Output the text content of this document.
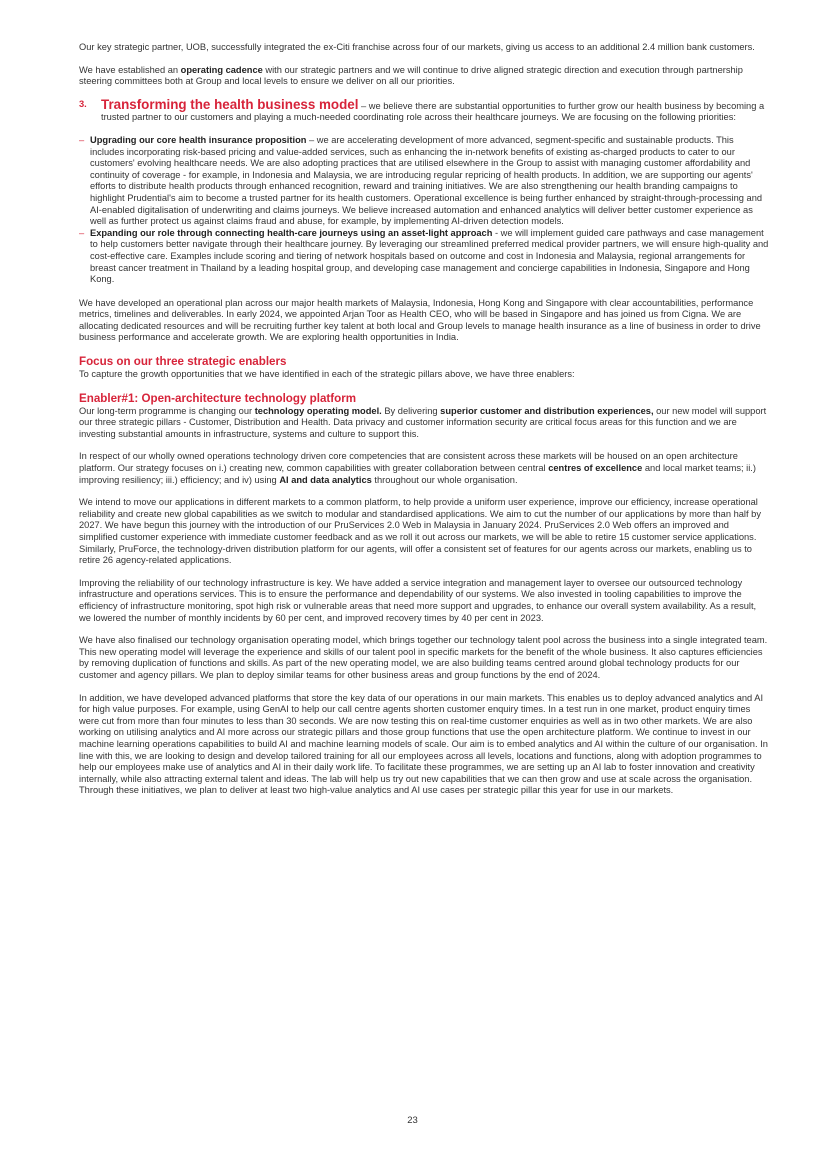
Our key strategic partner, UOB, successfully integrated the ex-Citi franchise across four of our markets, giving us access to an additional 2.4 million bank customers.

We have established an operating cadence with our strategic partners and we will continue to drive aligned strategic direction and execution through partnership steering committees both at Group and local levels to ensure we deliver on all our priorities.

3. Transforming the health business model – we believe there are substantial opportunities to further grow our health business by becoming a trusted partner to our customers and playing a much-needed coordinating role across their healthcare journeys. We are focusing on the following priorities:
– Upgrading our core health insurance proposition – we are accelerating development of more advanced, segment-specific and sustainable products. This includes incorporating risk-based pricing and value-added services, such as enhancing the in-network benefits of existing as-charged products to cater to our customers' evolving healthcare needs. We are also adopting practices that are utilised elsewhere in the Group to assist with managing customer affordability and continuity of coverage - for example, in Indonesia and Malaysia, we are introducing regular repricing of health products. In addition, we are supporting our agents' efforts to distribute health products through enhanced recognition, reward and training initiatives. We are also strengthening our health branding campaigns to highlight Prudential's aim to become a trusted partner for its health customers. Operational excellence is being further enhanced by straight-through-processing and AI-enabled digitalisation of underwriting and claims journeys. We believe increased automation and enhanced analytics will deliver better customer experience as well as further protect us against claims fraud and abuse, for example, by implementing AI-driven detection models.
– Expanding our role through connecting health-care journeys using an asset-light approach - we will implement guided care pathways and case management to help customers better navigate through their healthcare journey. By leveraging our streamlined preferred medical provider partners, we will ensure high-quality and cost-effective care. Examples include scoring and tiering of network hospitals based on outcome and cost in Indonesia and Malaysia, regional arrangements for breast cancer treatment in Thailand by a leading hospital group, and developing case management and concierge capabilities in Indonesia, Singapore and Hong Kong.

We have developed an operational plan across our major health markets of Malaysia, Indonesia, Hong Kong and Singapore with clear accountabilities, performance metrics, timelines and deliverables. In early 2024, we appointed Arjan Toor as Health CEO, who will be based in Singapore and has joined us from Cigna. We are allocating dedicated resources and will be recruiting further key talent at both local and Group levels to manage health insurance as a line of business in order to drive business performance and accelerate growth. We are exploring health opportunities in India.

Focus on our three strategic enablers

To capture the growth opportunities that we have identified in each of the strategic pillars above, we have three enablers:

Enabler#1: Open-architecture technology platform

Our long-term programme is changing our technology operating model. By delivering superior customer and distribution experiences, our new model will support our three strategic pillars - Customer, Distribution and Health. Data privacy and customer information security are critical focus areas for this function and we are investing substantial amounts in infrastructure, systems and culture to support this.

In respect of our wholly owned operations technology driven core competencies that are consistent across these markets will be housed on an open architecture platform. Our strategy focuses on i.) creating new, common capabilities with greater collaboration between central centres of excellence and local market teams; ii.) improving resiliency; iii.) efficiency; and iv) using AI and data analytics throughout our whole organisation.

We intend to move our applications in different markets to a common platform, to help provide a uniform user experience, improve our efficiency, increase operational reliability and create new global capabilities as we switch to modular and standardised applications. We aim to cut the number of our applications by more than half by 2027. We have begun this journey with the introduction of our PruServices 2.0 Web in Malaysia in January 2024. PruServices 2.0 Web offers an improved and simplified customer experience with immediate customer feedback and as we roll it out across our markets, we will be able to retire 15 customer service applications. Similarly, PruForce, the technology-driven distribution platform for our agents, will offer a consistent set of features for our agents across our markets, enabling us to retire 26 agency-related applications.

Improving the reliability of our technology infrastructure is key. We have added a service integration and management layer to oversee our outsourced technology infrastructure and operations services. This is to ensure the performance and dependability of our systems. We also invested in tooling capabilities to improve the efficiency of infrastructure monitoring, spot high risk or vulnerable areas that need more support and upgrades, to enhance our overall system availability. As a result, we lowered the number of monthly incidents by 60 per cent, and improved recovery times by 40 per cent in 2023.

We have also finalised our technology organisation operating model, which brings together our technology talent pool across the business into a single integrated team. This new operating model will leverage the experience and skills of our talent pool in specific markets for the benefit of the whole business. It also captures efficiencies by removing duplication of functions and skills. As part of the new operating model, we are also building teams centred around global technology products for our customer and agency pillars. We plan to deploy similar teams for other business areas and group functions by the end of 2024.

In addition, we have developed advanced platforms that store the key data of our operations in our main markets. This enables us to deploy advanced analytics and AI for high value purposes. For example, using GenAI to help our call centre agents shorten customer enquiry times. In a test run in one market, product enquiry times were cut from more than four minutes to less than 30 seconds. We are now testing this on real-time customer enquiries as well as in two other markets. We are also working on utilising analytics and AI more across our strategic pillars and those group functions that use the open architecture platform. We continue to invest in our machine learning operations capabilities to build AI and machine learning models of scale. Our aim is to embed analytics and AI within the culture of our organisation. In line with this, we are looking to design and develop tailored training for all our employees across all levels, locations and functions, along with adoption programmes to help our employees make use of analytics and AI in their daily work life. To facilitate these programmes, we are setting up an AI lab to foster innovation and creativity internally, while also attracting external talent and ideas. The lab will help us try out new capabilities that we can then grow and use at scale across the organisation. Through these initiatives, we plan to deliver at least two high-value analytics and AI use cases per strategic pillar this year for use in our markets.

23
